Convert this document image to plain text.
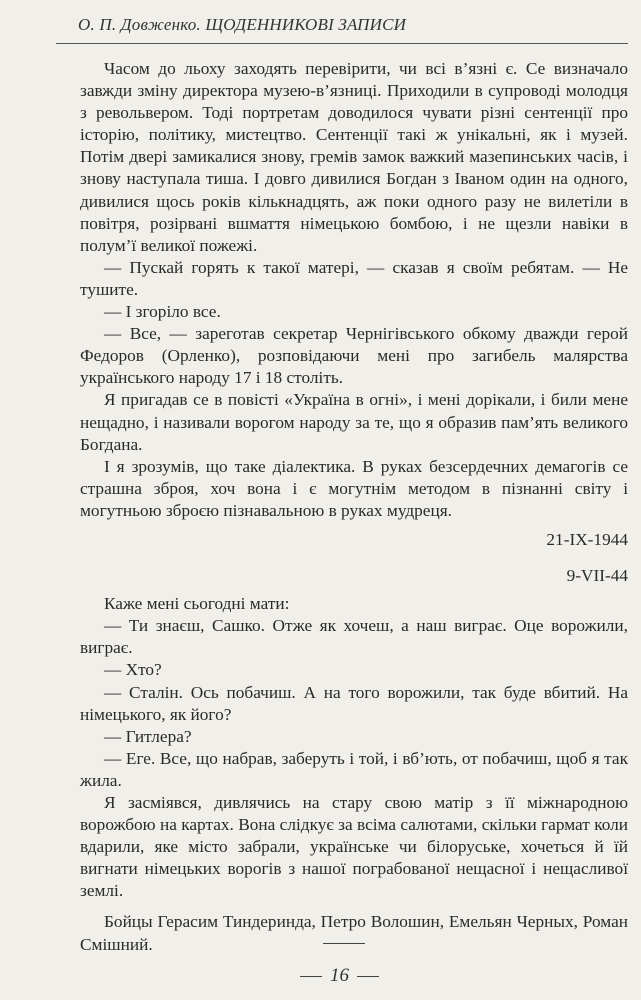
О. П. Довженко. ЩОДЕННИКОВІ ЗАПИСИ

Часом до льоху заходять перевірити, чи всі в’язні є. Се визначало завжди зміну директора музею-в’язниці. Приходили в супроводі молодця з револьвером. Тоді портретам доводилося чувати різні сентенції про історію, політику, мистецтво. Сентенції такі ж унікальні, як і музей. Потім двері замикалися знову, гремів замок важкий мазепинських часів, і знову наступала тиша. І довго дивилися Богдан з Іваном один на одного, дивилися щось років кількнадцять, аж поки одного разу не вилетіли в повітря, розірвані вшмаття німецькою бомбою, і не щезли навіки в полум’ї великої пожежі.

— Пускай горять к такої матері, — сказав я своїм ребятам. — Не тушите.

— І згоріло все.

— Все, — зареготав секретар Чернігівського обкому дважди герой Федоров (Орленко), розповідаючи мені про загибель малярства українського народу 17 і 18 століть.

Я пригадав се в повісті «Україна в огні», і мені дорікали, і били мене нещадно, і називали ворогом народу за те, що я образив пам’ять великого Богдана.

І я зрозумів, що таке діалектика. В руках безсердечних демагогів се страшна зброя, хоч вона і є могутнім методом в пізнанні світу і могутньою зброєю пізнавальною в руках мудреця.

21-ІХ-1944

9-VII-44

Каже мені сьогодні мати:

— Ти знаєш, Сашко. Отже як хочеш, а наш виграє. Оце ворожили, виграє.

— Хто?

— Сталін. Ось побачиш. А на того ворожили, так буде вбитий. На німецького, як його?

— Гитлера?

— Еге. Все, що набрав, заберуть і той, і вб’ють, от побачиш, щоб я так жила.

Я засміявся, дивлячись на стару свою матір з її міжнародною ворожбою на картах. Вона слідкує за всіма салютами, скільки гармат коли вдарили, яке місто забрали, українське чи білоруське, хочеться й їй вигнати німецьких ворогів з нашої пограбованої нещасної і нещасливої землі.

Бойцы Герасим Тиндеринда, Петро Волошин, Емельян Черных, Роман Смішний.

16
